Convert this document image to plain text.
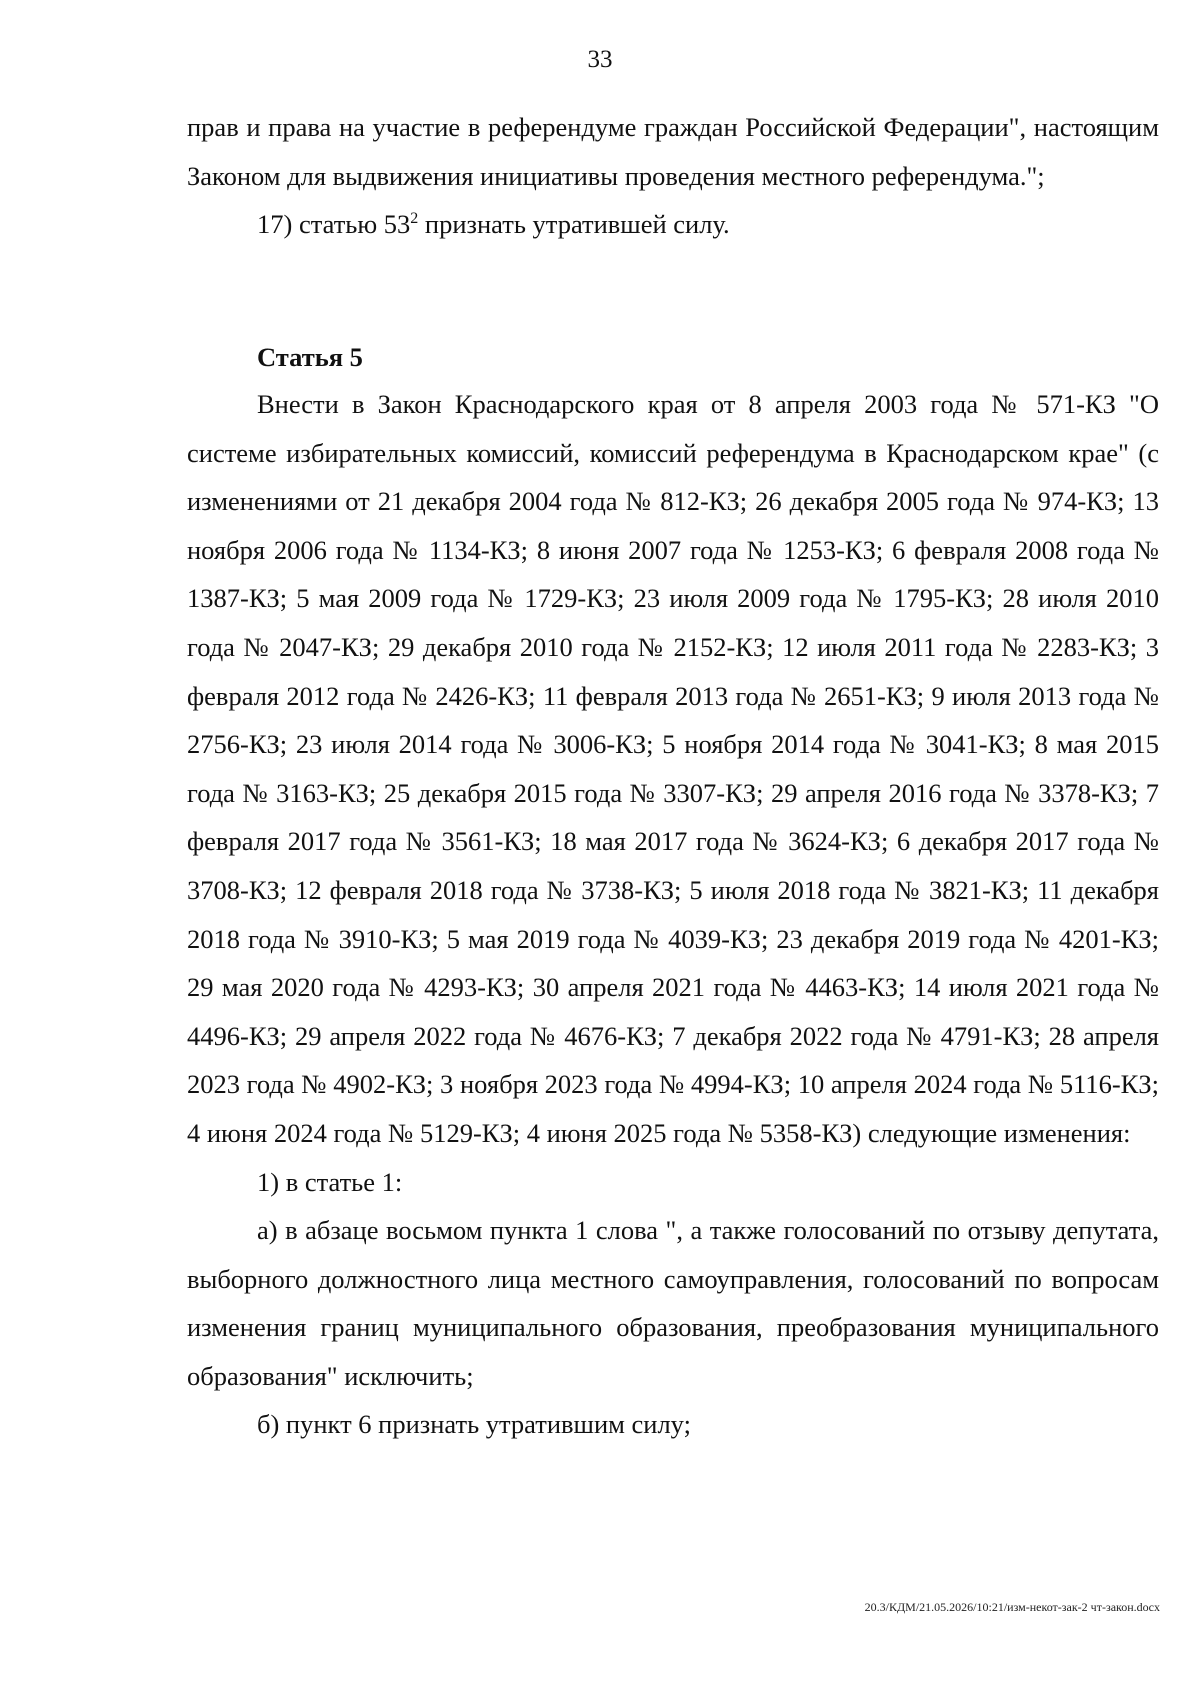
33

прав и права на участие в референдуме граждан Российской Федерации", настоящим Законом для выдвижения инициативы проведения местного референдума.";

17) статью $53^2$ признать утратившей силу.

Статья 5

Внести в Закон Краснодарского края от 8 апреля 2003 года № 571-КЗ "О системе избирательных комиссий, комиссий референдума в Краснодарском крае" (с изменениями от 21 декабря 2004 года № 812-КЗ; 26 декабря 2005 года № 974-КЗ; 13 ноября 2006 года № 1134-КЗ; 8 июня 2007 года № 1253-КЗ; 6 февраля 2008 года № 1387-КЗ; 5 мая 2009 года № 1729-КЗ; 23 июля 2009 года № 1795-КЗ; 28 июля 2010 года № 2047-КЗ; 29 декабря 2010 года № 2152-КЗ; 12 июля 2011 года № 2283-КЗ; 3 февраля 2012 года № 2426-КЗ; 11 февраля 2013 года № 2651-КЗ; 9 июля 2013 года № 2756-КЗ; 23 июля 2014 года № 3006-КЗ; 5 ноября 2014 года № 3041-КЗ; 8 мая 2015 года № 3163-КЗ; 25 декабря 2015 года № 3307-КЗ; 29 апреля 2016 года № 3378-КЗ; 7 февраля 2017 года № 3561-КЗ; 18 мая 2017 года № 3624-КЗ; 6 декабря 2017 года № 3708-КЗ; 12 февраля 2018 года № 3738-КЗ; 5 июля 2018 года № 3821-КЗ; 11 декабря 2018 года № 3910-КЗ; 5 мая 2019 года № 4039-КЗ; 23 декабря 2019 года № 4201-КЗ; 29 мая 2020 года № 4293-КЗ; 30 апреля 2021 года № 4463-КЗ; 14 июля 2021 года № 4496-КЗ; 29 апреля 2022 года № 4676-КЗ; 7 декабря 2022 года № 4791-КЗ; 28 апреля 2023 года № 4902-КЗ; 3 ноября 2023 года № 4994-КЗ; 10 апреля 2024 года № 5116-КЗ; 4 июня 2024 года № 5129-КЗ; 4 июня 2025 года № 5358-КЗ) следующие изменения:

1) в статье 1:

а) в абзаце восьмом пункта 1 слова ", а также голосований по отзыву депутата, выборного должностного лица местного самоуправления, голосований по вопросам изменения границ муниципального образования, преобразования муниципального образования" исключить;

б) пункт 6 признать утратившим силу;

20.3/КДМ/21.05.2026/10:21/изм-некот-зак-2 чт-закон.docx
